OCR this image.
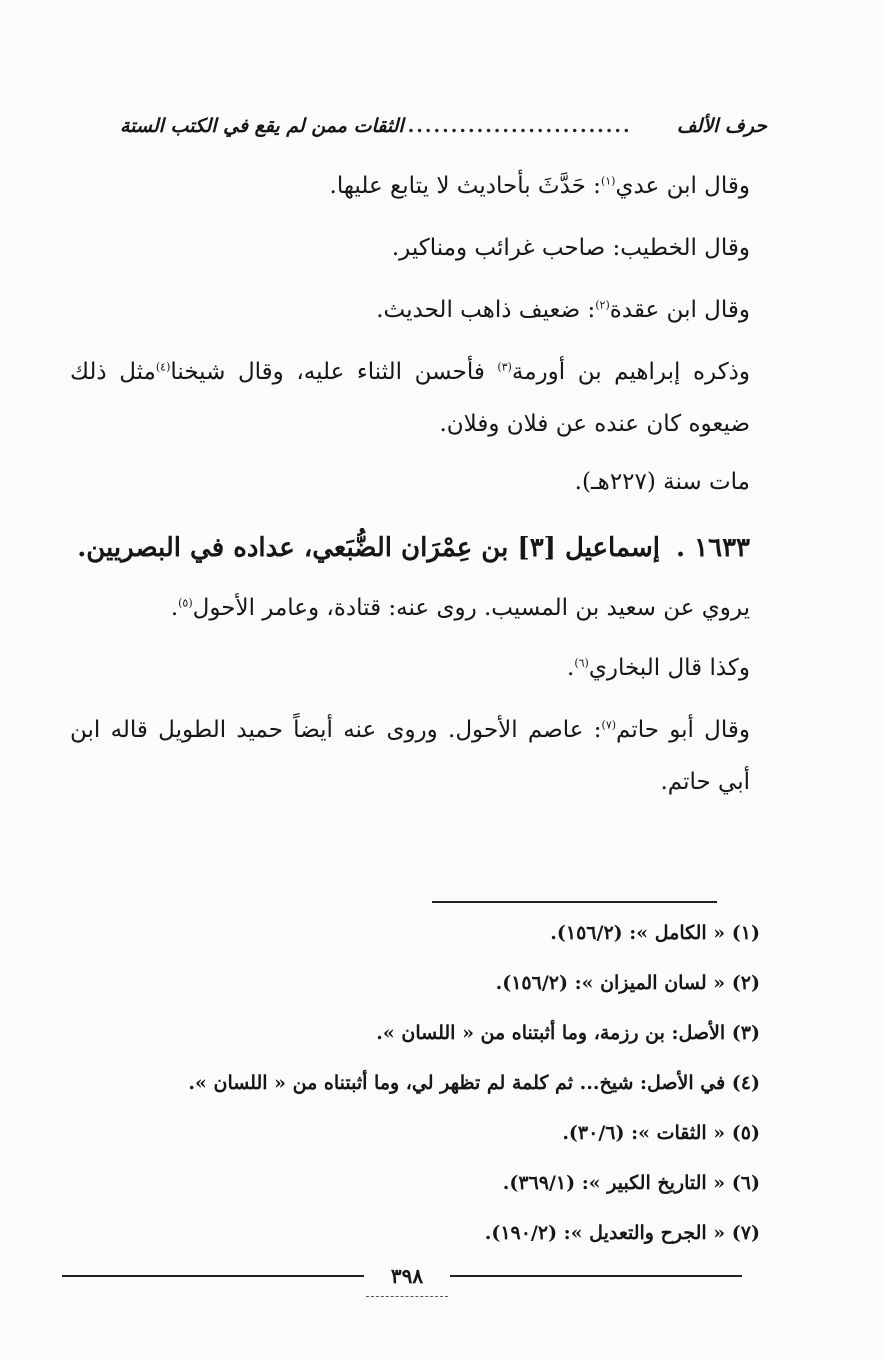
حرف الألف
..........................
الثقات ممن لم يقع في الكتب الستة
وقال ابن عدي$^{(١)}$: حَدَّثَ بأحاديث لا يتابع عليها.
وقال الخطيب: صاحب غرائب ومناكير.
وقال ابن عقدة$^{(٢)}$: ضعيف ذاهب الحديث.
وذكره إبراهيم بن أورمة$^{(٣)}$ فأحسن الثناء عليه، وقال شيخنا$^{(٤)}$مثل ذلك ضيعوه كان عنده عن فلان وفلان.
مات سنة (٢٢٧هـ).
١٦٣٣ .إسماعيل [٣] بن عِمْرَان الضُّبَعي، عداده في البصريين.
يروي عن سعيد بن المسيب. روى عنه: قتادة، وعامر الأحول$^{(٥)}$.
وكذا قال البخاري$^{(٦)}$.
وقال أبو حاتم$^{(٧)}$: عاصم الأحول. وروى عنه أيضاً حميد الطويل قاله ابن أبي حاتم.
(١) « الكامل »: (١٥٦/٢).
(٢) « لسان الميزان »: (١٥٦/٢).
(٣) الأصل: بن رزمة، وما أثبتناه من « اللسان ».
(٤) في الأصل: شيخ... ثم كلمة لم تظهر لي، وما أثبتناه من « اللسان ».
(٥) « الثقات »: (٣٠/٦).
(٦) « التاريخ الكبير »: (٣٦٩/١).
(٧) « الجرح والتعديل »: (١٩٠/٢).
٣٩٨
